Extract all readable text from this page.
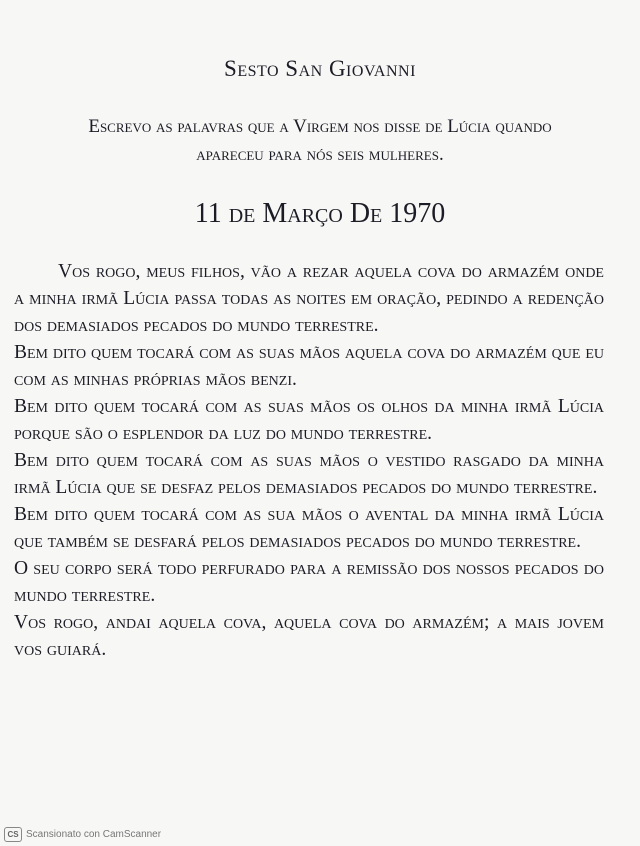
Sesto San Giovanni
Escrevo as palavras que a Virgem nos disse de Lúcia quando apareceu para nós seis mulheres.
11 de Março De 1970

Vos rogo, meus filhos, vão a rezar aquela cova do armazém onde a minha irmã Lúcia passa todas as noites em oração, pedindo a redenção dos demasiados pecados do mundo terrestre.

Bem dito quem tocará com as suas mãos aquela cova do armazém que eu com as minhas próprias mãos benzi.

Bem dito quem tocará com as suas mãos os olhos da minha irmã Lúcia porque são o esplendor da luz do mundo terrestre.

Bem dito quem tocará com as suas mãos o vestido rasgado da minha irmã Lúcia que se desfaz pelos demasiados pecados do mundo terrestre.

Bem dito quem tocará com as sua mãos o avental da minha irmã Lúcia que também se desfará pelos demasiados pecados do mundo terrestre.

O seu corpo será todo perfurado para a remissão dos nossos pecados do mundo terrestre.

Vos rogo, andai aquela cova, aquela cova do armazém; a mais jovem vos guiará.

CS Scansionato con CamScanner
